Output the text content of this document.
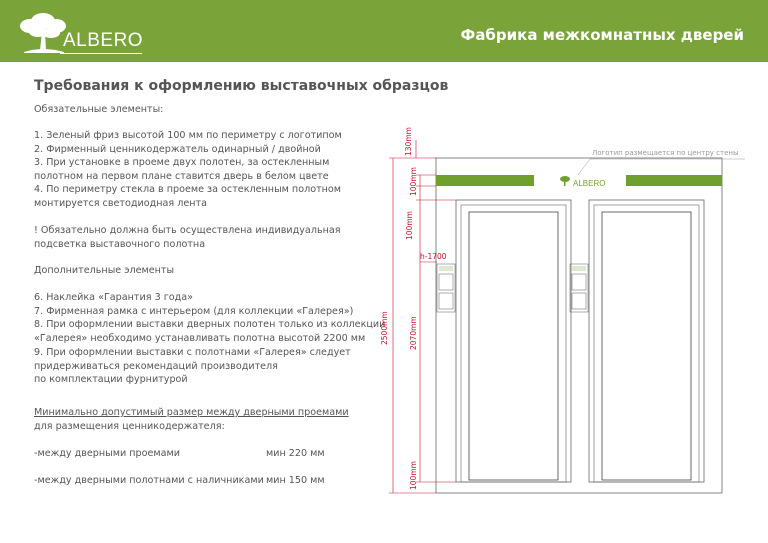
ALBERO	Фабрика межкомнатных дверей
Требования к оформлению выставочных образцов
Обязательные элементы:
1. Зеленый фриз высотой 100 мм по периметру с логотипом
2. Фирменный ценникодержатель одинарный / двойной
3. При установке в проеме двух полотен, за остекленным
полотном на первом плане ставится дверь в белом цвете
4. По периметру стекла в проеме за остекленным полотном
монтируется светодиодная лента
! Обязательно должна быть осуществлена индивидуальная
подсветка выставочного полотна
Дополнительные элементы
6. Наклейка «Гарантия 3 года»
7. Фирменная рамка с интерьером (для коллекции «Галерея»)
8. При оформлении выставки дверных полотен только из коллекции
«Галерея» необходимо устанавливать полотна высотой 2200 мм
9. При оформлении выставки с полотнами «Галерея» следует
придерживаться рекомендаций производителя
по комплектации фурнитурой
Минимально допустимый размер между дверными проемами
для размещения ценникодержателя:
-между дверными проемами	мин 220 мм
-между дверными полотнами с наличниками мин 150 мм
ALBERO
Логотип размещается по центру стены
130mm
100mm
100mm
2500mm	2070mm
h-1700
100mm
